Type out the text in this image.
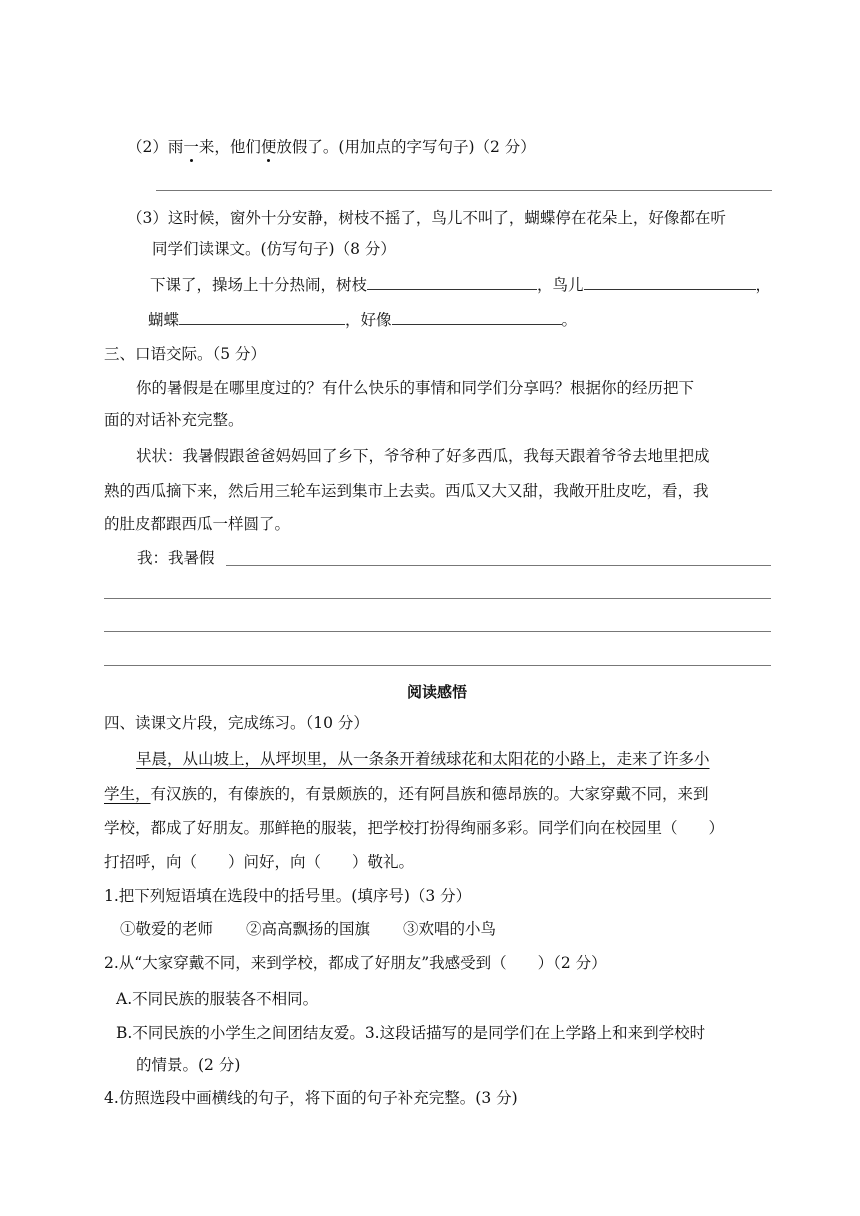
（2）雨一来，他们便放假了。(用加点的字写句子)（2 分）
（3）这时候，窗外十分安静，树枝不摇了，鸟儿不叫了，蝴蝶停在花朵上，好像都在听
同学们读课文。(仿写句子)（8 分）
下课了，操场上十分热闹，树枝	，鸟儿	，
蝴蝶	，好像	。
三、口语交际。（5 分）
你的暑假是在哪里度过的？有什么快乐的事情和同学们分享吗？根据你的经历把下
面的对话补充完整。
状状：我暑假跟爸爸妈妈回了乡下，爷爷种了好多西瓜，我每天跟着爷爷去地里把成
熟的西瓜摘下来，然后用三轮车运到集市上去卖。西瓜又大又甜，我敞开肚皮吃，看，我
的肚皮都跟西瓜一样圆了。
我：我暑假
阅读感悟
四、读课文片段，完成练习。（10 分）
早晨，从山坡上，从坪坝里，从一条条开着绒球花和太阳花的小路上，走来了许多小
学生，有汉族的，有傣族的，有景颇族的，还有阿昌族和德昂族的。大家穿戴不同，来到
学校，都成了好朋友。那鲜艳的服装，把学校打扮得绚丽多彩。同学们向在校园里（　　）
打招呼，向（　　）问好，向（　　）敬礼。
1.把下列短语填在选段中的括号里。(填序号)（3 分）
①敬爱的老师 ②高高飘扬的国旗 ③欢唱的小鸟
2.从“大家穿戴不同，来到学校，都成了好朋友”我感受到（　　）（2 分）
A.不同民族的服装各不相同。
B.不同民族的小学生之间团结友爱。3.这段话描写的是同学们在上学路上和来到学校时
的情景。(2 分)
4.仿照选段中画横线的句子，将下面的句子补充完整。(3 分)
